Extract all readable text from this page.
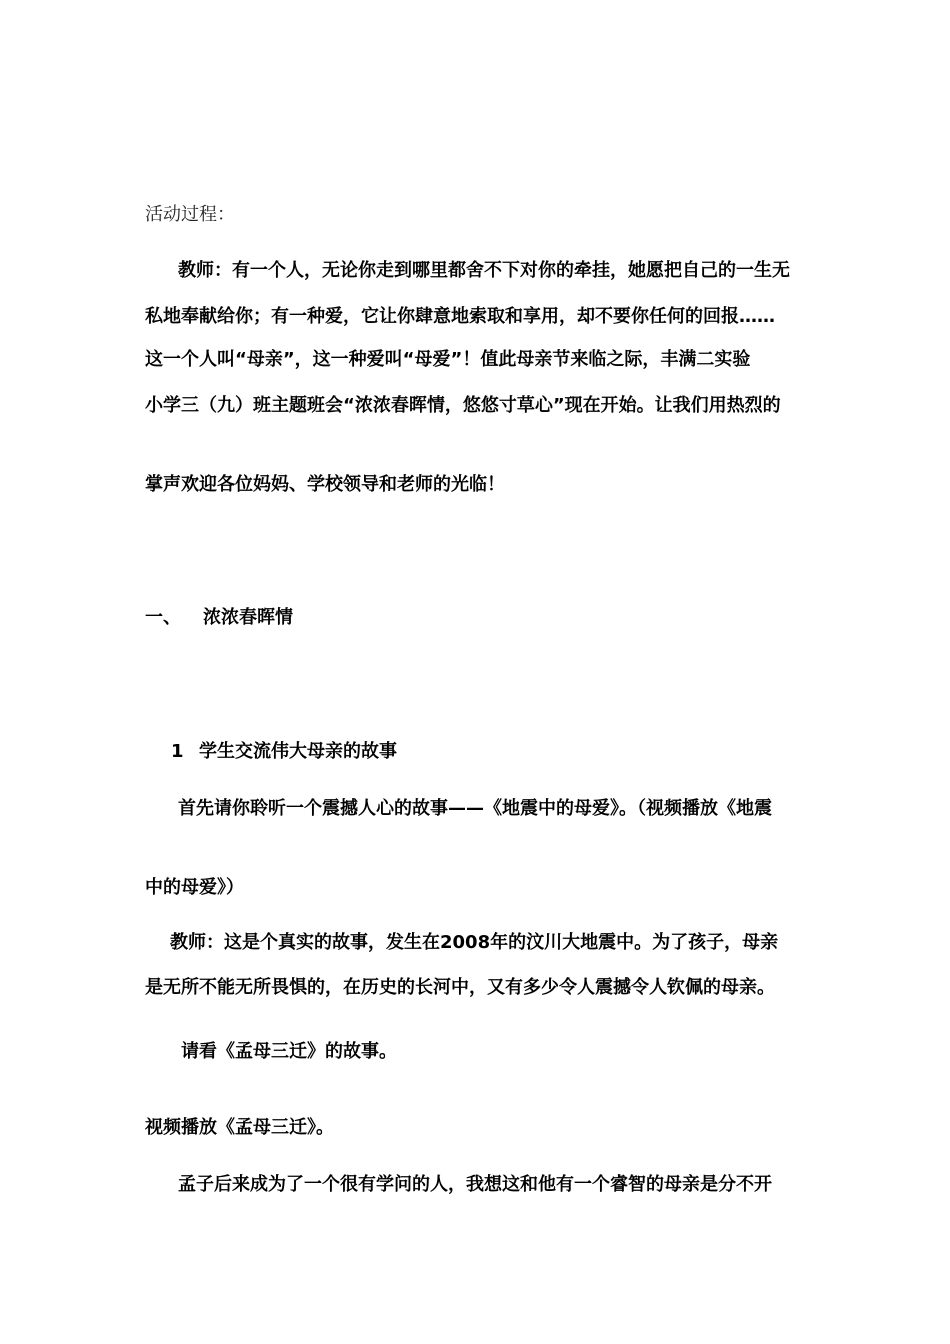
活动过程：
教师：有一个人，无论你走到哪里都舍不下对你的牵挂，她愿把自己的一生无
私地奉献给你；有一种爱，它让你肆意地索取和享用，却不要你任何的回报……
这一个人叫“母亲”，这一种爱叫“母爱”！值此母亲节来临之际，丰满二实验
小学三（九）班主题班会“浓浓春晖情，悠悠寸草心”现在开始。让我们用热烈的
掌声欢迎各位妈妈、学校领导和老师的光临！
一、 浓浓春晖情
1 学生交流伟大母亲的故事
首先请你聆听一个震撼人心的故事——《地震中的母爱》。（视频播放《地震
中的母爱》）
教师：这是个真实的故事，发生在2008年的汶川大地震中。为了孩子，母亲
是无所不能无所畏惧的，在历史的长河中，又有多少令人震撼令人钦佩的母亲。
请看《孟母三迁》的故事。
视频播放《孟母三迁》。
孟子后来成为了一个很有学问的人，我想这和他有一个睿智的母亲是分不开
